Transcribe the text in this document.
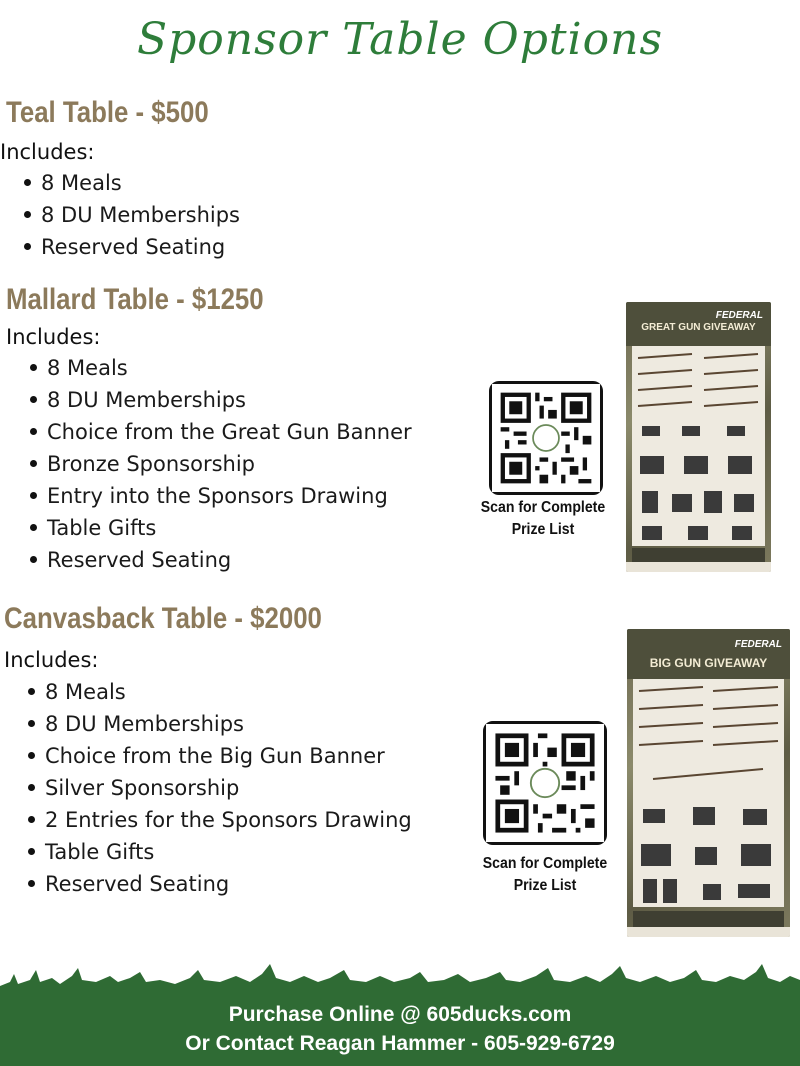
Sponsor Table Options
Teal Table - $500
Includes:
8 Meals
8 DU Memberships
Reserved Seating
Mallard Table - $1250
Includes:
8 Meals
8 DU Memberships
Choice from the Great Gun Banner
Bronze Sponsorship
Entry into the Sponsors Drawing
Table Gifts
Reserved Seating
Scan for Complete
Prize List
FEDERAL
GREAT GUN GIVEAWAY
Canvasback Table - $2000
Includes:
8 Meals
8 DU Memberships
Choice from the Big Gun Banner
Silver Sponsorship
2 Entries for the Sponsors Drawing
Table Gifts
Reserved Seating
Scan for Complete
Prize List
FEDERAL
BIG GUN GIVEAWAY
Purchase Online @ 605ducks.com
Or Contact Reagan Hammer - 605-929-6729
